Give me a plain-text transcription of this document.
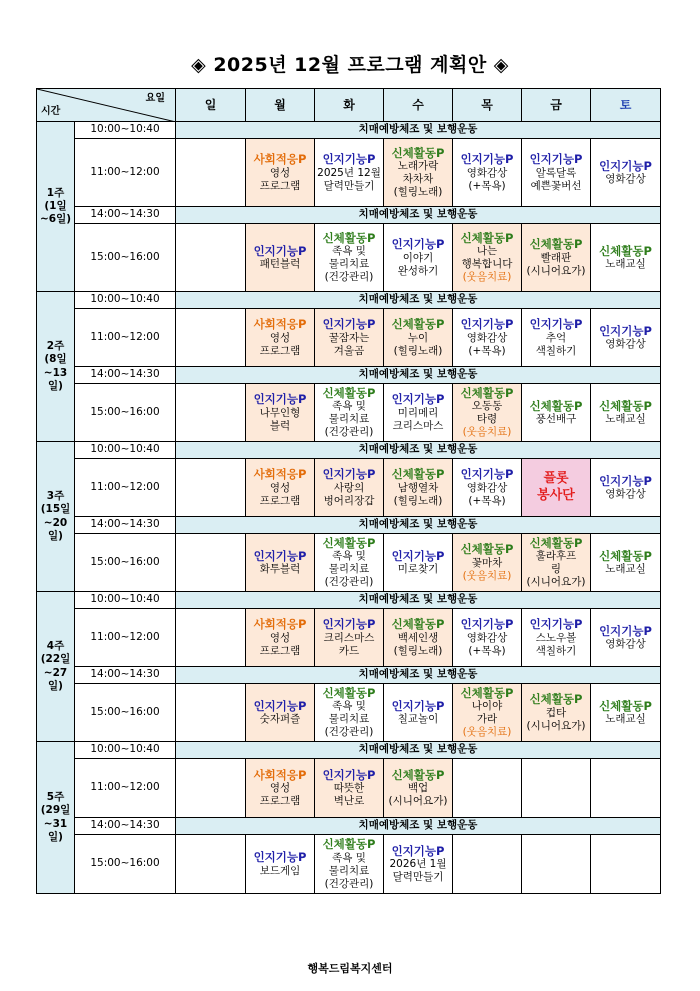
◈ 2025년 12월 프로그램 계획안 ◈
요일
시간		일	월	화	수	목	금	토

1주
(1일
~6일)	10:00~10:40	치매예방체조 및 보행운동						
	11:00~12:00		사회적응P
영성
프로그램	인지기능P
2025년 12월
달력만들기	신체활동P
노래가락
차차차
(힐링노래)	인지기능P
영화감상
(+목욕)	인지기능P
알록달록
예쁜꽃버선	인지기능P
영화감상

	14:00~14:30	치매예방체조 및 보행운동						
	15:00~16:00		인지기능P
패턴블럭	신체활동P
족욕 및
물리치료
(건강관리)	인지기능P
이야기
완성하기	신체활동P
나는
행복합니다
(웃음치료)	신체활동P
빨래판
(시니어요가)	신체활동P
노래교실

2주
(8일
~13일)	10:00~10:40	치매예방체조 및 보행운동						
	11:00~12:00		사회적응P
영성
프로그램	인지기능P
꿀잠자는
겨울곰	신체활동P
누이
(힐링노래)	인지기능P
영화감상
(+목욕)	인지기능P
추억
색칠하기	인지기능P
영화감상

	14:00~14:30	치매예방체조 및 보행운동						
	15:00~16:00		인지기능P
나무인형
블럭	신체활동P
족욕 및
물리치료
(건강관리)	인지기능P
미리메리
크리스마스	신체활동P
오동동
타령
(웃음치료)	신체활동P
풍선배구	신체활동P
노래교실

3주
(15일
~20일)	10:00~10:40	치매예방체조 및 보행운동						
	11:00~12:00		사회적응P
영성
프로그램	인지기능P
사랑의
벙어리장갑	신체활동P
남행열차
(힐링노래)	인지기능P
영화감상
(+목욕)	플롯
봉사단	인지기능P
영화감상

	14:00~14:30	치매예방체조 및 보행운동						
	15:00~16:00		인지기능P
화투블럭	신체활동P
족욕 및
물리치료
(건강관리)	인지기능P
미로찾기	신체활동P
꽃마차
(웃음치료)	신체활동P
훌라후프
링
(시니어요가)	신체활동P
노래교실

4주
(22일
~27일)	10:00~10:40	치매예방체조 및 보행운동						
	11:00~12:00		사회적응P
영성
프로그램	인지기능P
크리스마스
카드	신체활동P
백세인생
(힐링노래)	인지기능P
영화감상
(+목욕)	인지기능P
스노우볼
색칠하기	인지기능P
영화감상

	14:00~14:30	치매예방체조 및 보행운동						
	15:00~16:00		인지기능P
숫자퍼즐	신체활동P
족욕 및
물리치료
(건강관리)	인지기능P
칠교놀이	신체활동P
나이야
가라
(웃음치료)	신체활동P
컵타
(시니어요가)	신체활동P
노래교실

5주
(29일
~31일)	10:00~10:40	치매예방체조 및 보행운동						
	11:00~12:00		사회적응P
영성
프로그램	인지기능P
따뜻한
벽난로	신체활동P
백업
(시니어요가)			

	14:00~14:30	치매예방체조 및 보행운동						
	15:00~16:00		인지기능P
보드게임	신체활동P
족욕 및
물리치료
(건강관리)	인지기능P
2026년 1월
달력만들기			

행복드림복지센터
